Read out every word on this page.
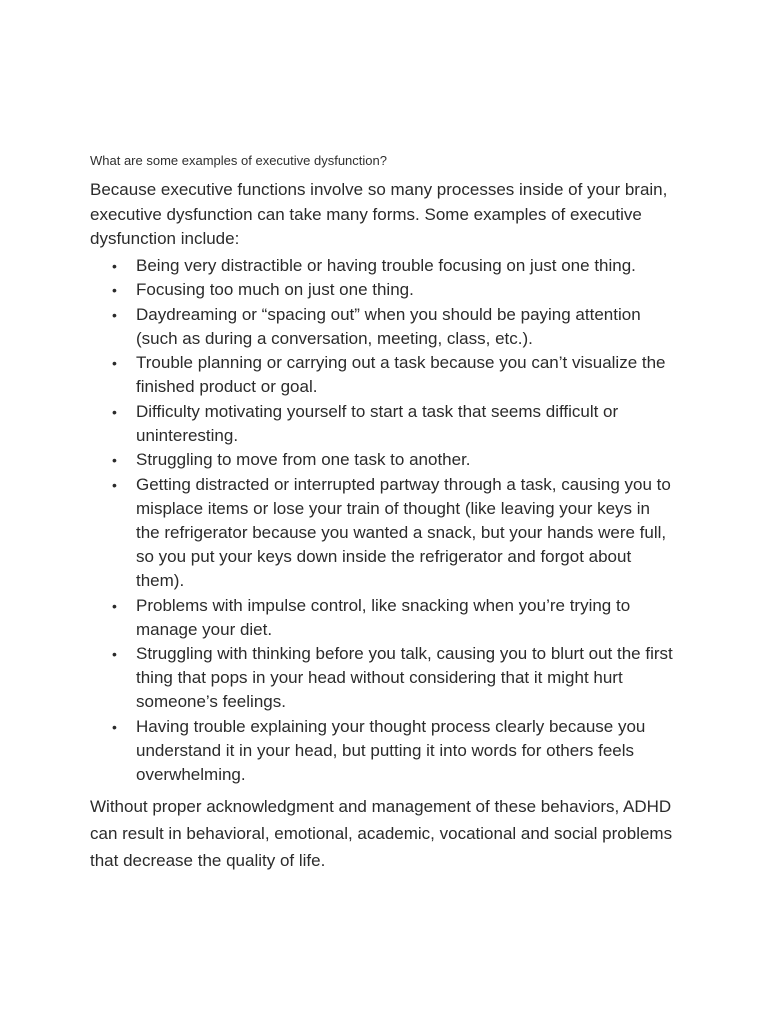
What are some examples of executive dysfunction?

Because executive functions involve so many processes inside of your brain, executive dysfunction can take many forms. Some examples of executive dysfunction include:

• Being very distractible or having trouble focusing on just one thing.
• Focusing too much on just one thing.
• Daydreaming or “spacing out” when you should be paying attention (such as during a conversation, meeting, class, etc.).
• Trouble planning or carrying out a task because you can’t visualize the finished product or goal.
• Difficulty motivating yourself to start a task that seems difficult or uninteresting.
• Struggling to move from one task to another.
• Getting distracted or interrupted partway through a task, causing you to misplace items or lose your train of thought (like leaving your keys in the refrigerator because you wanted a snack, but your hands were full, so you put your keys down inside the refrigerator and forgot about them).
• Problems with impulse control, like snacking when you’re trying to manage your diet.
• Struggling with thinking before you talk, causing you to blurt out the first thing that pops in your head without considering that it might hurt someone’s feelings.
• Having trouble explaining your thought process clearly because you understand it in your head, but putting it into words for others feels overwhelming.

Without proper acknowledgment and management of these behaviors, ADHD can result in behavioral, emotional, academic, vocational and social problems that decrease the quality of life.
